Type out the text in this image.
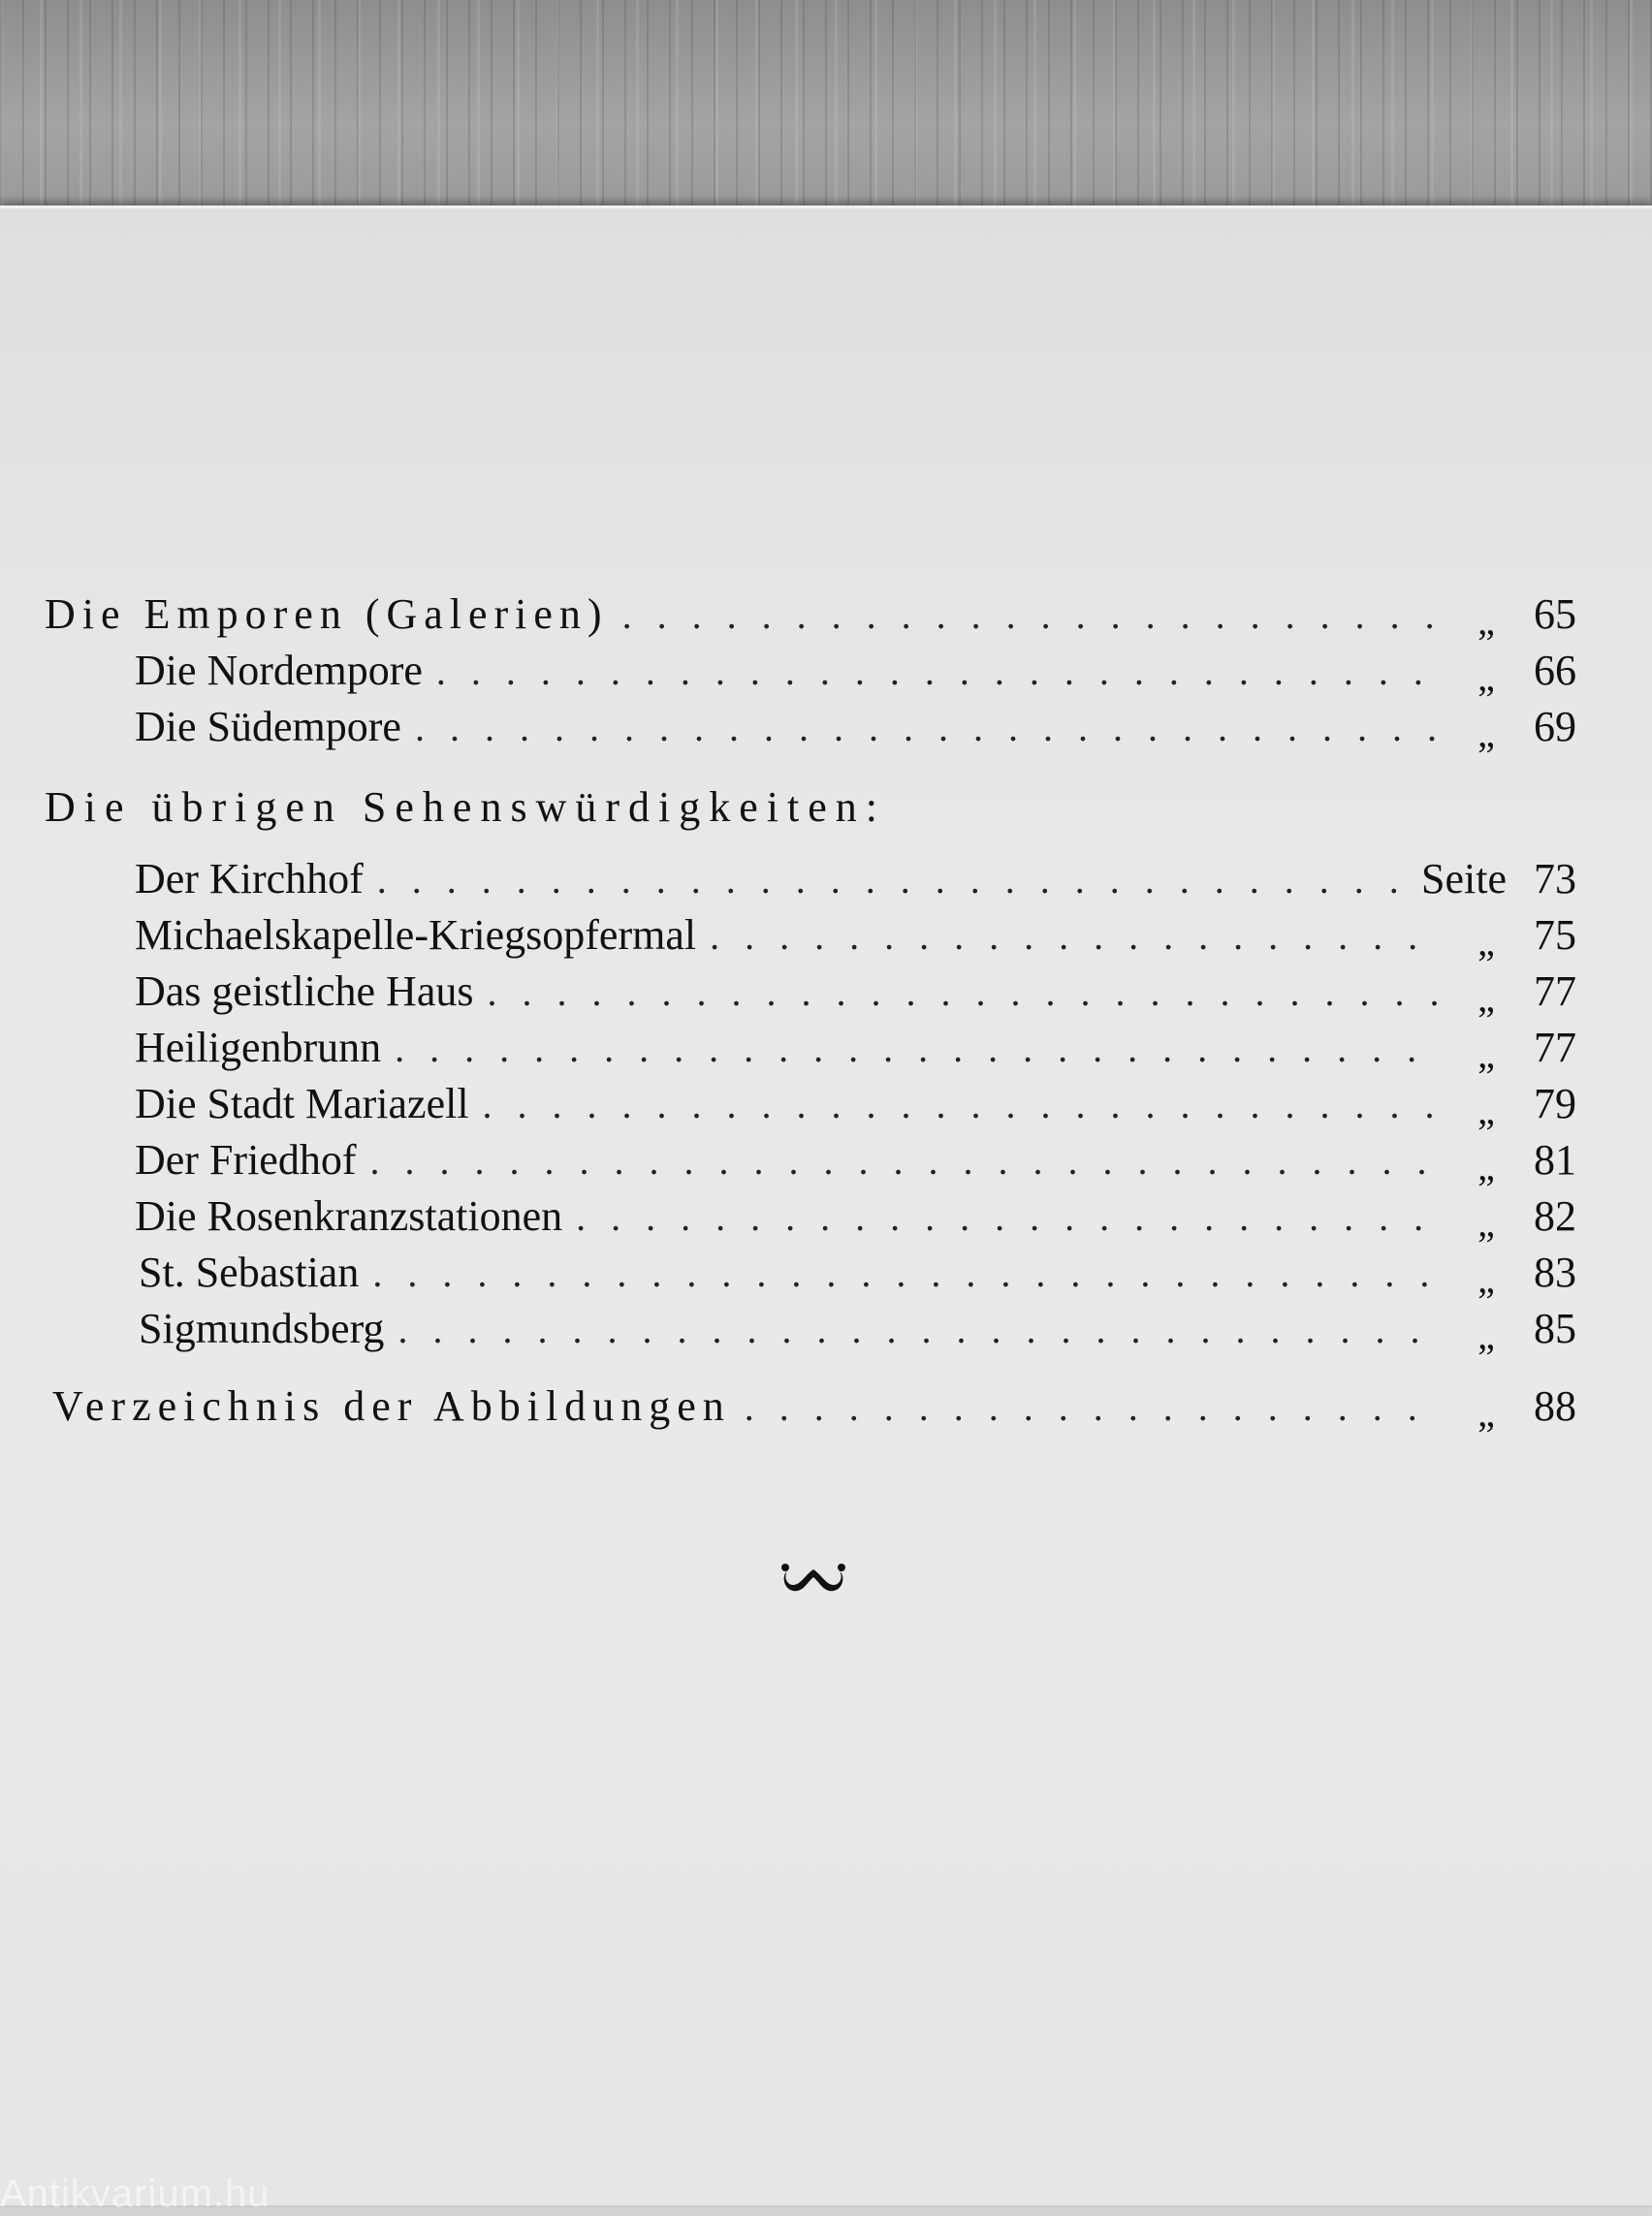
Die Emporen (Galerien) . . .	„ 65
Die Nordempore . . .	„ 66
Die Südempore . . .	„ 69
Die übrigen Sehenswürdigkeiten:
Der Kirchhof . . .	Seite 73
Michaelskapelle-Kriegsopfermal . . .	„ 75
Das geistliche Haus . . .	„ 77
Heiligenbrunn . . .	„ 77
Die Stadt Mariazell . . .	„ 79
Der Friedhof . . .	„ 81
Die Rosenkranzstationen . . .	„ 82
St. Sebastian . . .	„ 83
Sigmundsberg . . .	„ 85
Verzeichnis der Abbildungen . . .	„ 88
Antikvarium.hu
